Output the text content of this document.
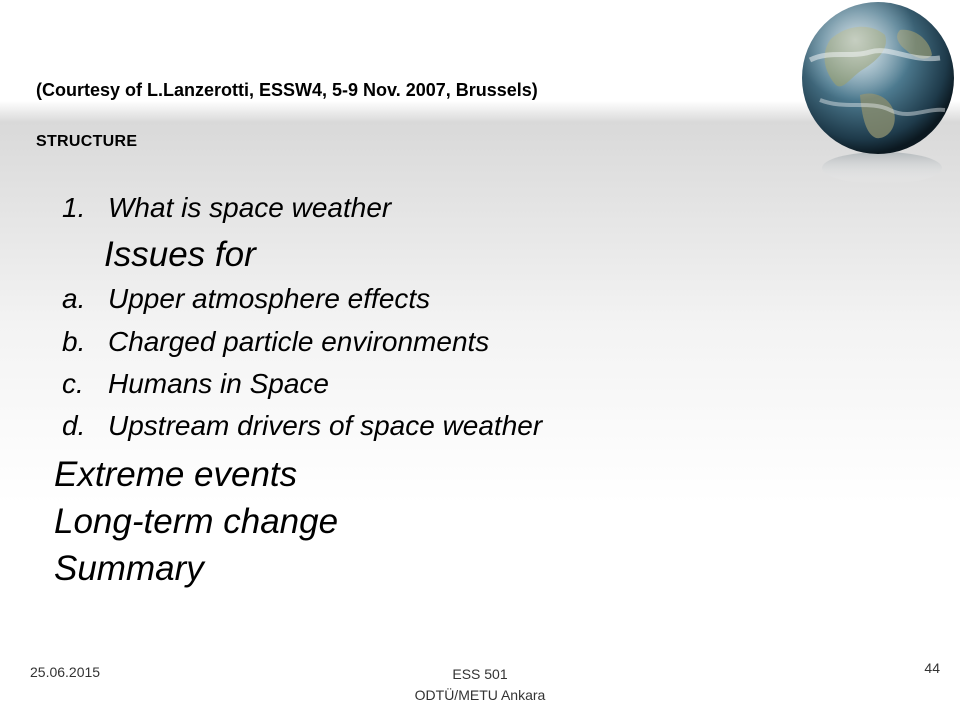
(Courtesy of L.Lanzerotti, ESSW4, 5-9 Nov. 2007, Brussels)
STRUCTURE
1. What is space weather
Issues for
a. Upper atmosphere effects
b. Charged particle environments
c. Humans in Space
d. Upstream drivers of space weather
Extreme events
Long-term change
Summary
25.06.2015	ESS 501
ODTÜ/METU Ankara
44
